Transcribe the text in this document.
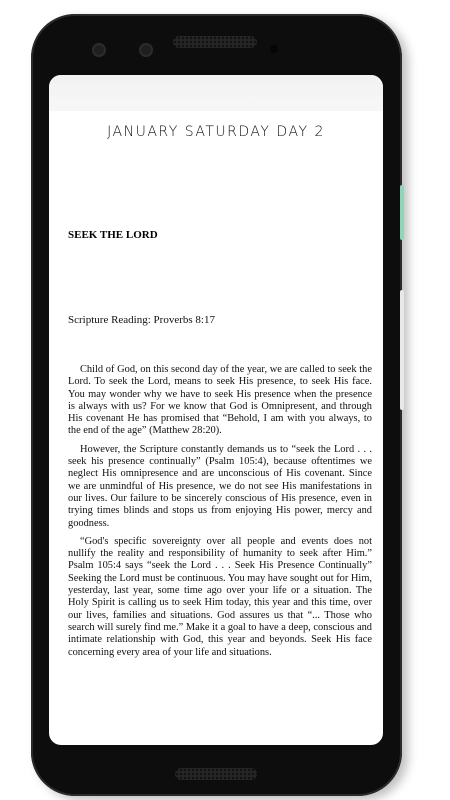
JANUARY SATURDAY DAY 2
SEEK THE LORD
Scripture Reading: Proverbs 8:17

Child of God, on this second day of the year, we are called to seek the Lord. To seek the Lord, means to seek His presence, to seek His face. You may wonder why we have to seek His presence when the presence is always with us? For we know that God is Omnipresent, and through His covenant He has promised that “Behold, I am with you always, to the end of the age” (Matthew 28:20).

However, the Scripture constantly demands us to “seek the Lord . . . seek his presence continually” (Psalm 105:4), because oftentimes we neglect His omnipresence and are unconscious of His covenant. Since we are unmindful of His presence, we do not see His manifestations in our lives. Our failure to be sincerely conscious of His presence, even in trying times blinds and stops us from enjoying His power, mercy and goodness.

“God's specific sovereignty over all people and events does not nullify the reality and responsibility of humanity to seek after Him.” Psalm 105:4 says “seek the Lord . . . Seek His Presence Continually” Seeking the Lord must be continuous. You may have sought out for Him, yesterday, last year, some time ago over your life or a situation. The Holy Spirit is calling us to seek Him today, this year and this time, over our lives, families and situations. God assures us that “... Those who search will surely find me.” Make it a goal to have a deep, conscious and intimate relationship with God, this year and beyonds. Seek His face concerning every area of your life and situations.
